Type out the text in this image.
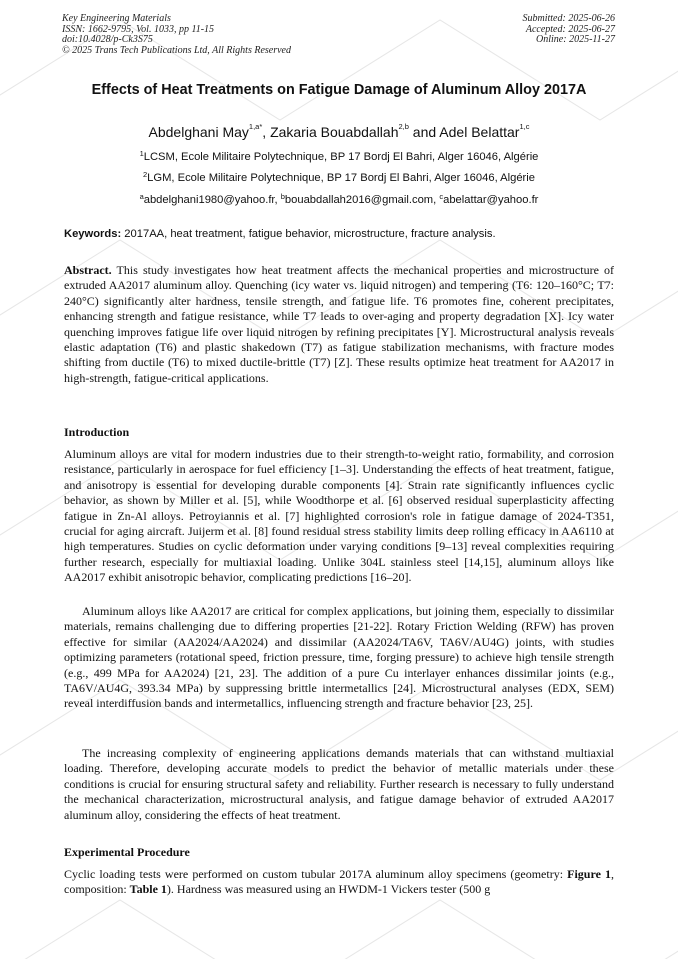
Key Engineering Materials
ISSN: 1662-9795, Vol. 1033, pp 11-15
doi:10.4028/p-Ck3S75
© 2025 Trans Tech Publications Ltd, All Rights Reserved
Submitted: 2025-06-26
Accepted: 2025-06-27
Online: 2025-11-27
Effects of Heat Treatments on Fatigue Damage of Aluminum Alloy 2017A
Abdelghani May$^{1,a*}$, Zakaria Bouabdallah$^{2,b}$ and Adel Belattar$^{1,c}$
$^1$LCSM, Ecole Militaire Polytechnique, BP 17 Bordj El Bahri, Alger 16046, Algérie
$^2$LGM, Ecole Militaire Polytechnique, BP 17 Bordj El Bahri, Alger 16046, Algérie
$^a$abdelghani1980@yahoo.fr, $^b$bouabdallah2016@gmail.com, $^c$abelattar@yahoo.fr
Keywords: 2017AA, heat treatment, fatigue behavior, microstructure, fracture analysis.

Abstract. This study investigates how heat treatment affects the mechanical properties and microstructure of extruded AA2017 aluminum alloy. Quenching (icy water vs. liquid nitrogen) and tempering (T6: 120–160°C; T7: 240°C) significantly alter hardness, tensile strength, and fatigue life. T6 promotes fine, coherent precipitates, enhancing strength and fatigue resistance, while T7 leads to over-aging and property degradation [X]. Icy water quenching improves fatigue life over liquid nitrogen by refining precipitates [Y]. Microstructural analysis reveals elastic adaptation (T6) and plastic shakedown (T7) as fatigue stabilization mechanisms, with fracture modes shifting from ductile (T6) to mixed ductile-brittle (T7) [Z]. These results optimize heat treatment for AA2017 in high-strength, fatigue-critical applications.

Introduction

Aluminum alloys are vital for modern industries due to their strength-to-weight ratio, formability, and corrosion resistance, particularly in aerospace for fuel efficiency [1–3]. Understanding the effects of heat treatment, fatigue, and anisotropy is essential for developing durable components [4]. Strain rate significantly influences cyclic behavior, as shown by Miller et al. [5], while Woodthorpe et al. [6] observed residual superplasticity affecting fatigue in Zn-Al alloys. Petroyiannis et al. [7] highlighted corrosion's role in fatigue damage of 2024-T351, crucial for aging aircraft. Juijerm et al. [8] found residual stress stability limits deep rolling efficacy in AA6110 at high temperatures. Studies on cyclic deformation under varying conditions [9–13] reveal complexities requiring further research, especially for multiaxial loading. Unlike 304L stainless steel [14,15], aluminum alloys like AA2017 exhibit anisotropic behavior, complicating predictions [16–20].

Aluminum alloys like AA2017 are critical for complex applications, but joining them, especially to dissimilar materials, remains challenging due to differing properties [21-22]. Rotary Friction Welding (RFW) has proven effective for similar (AA2024/AA2024) and dissimilar (AA2024/TA6V, TA6V/AU4G) joints, with studies optimizing parameters (rotational speed, friction pressure, time, forging pressure) to achieve high tensile strength (e.g., 499 MPa for AA2024) [21, 23]. The addition of a pure Cu interlayer enhances dissimilar joints (e.g., TA6V/AU4G, 393.34 MPa) by suppressing brittle intermetallics [24]. Microstructural analyses (EDX, SEM) reveal interdiffusion bands and intermetallics, influencing strength and fracture behavior [23, 25].

The increasing complexity of engineering applications demands materials that can withstand multiaxial loading. Therefore, developing accurate models to predict the behavior of metallic materials under these conditions is crucial for ensuring structural safety and reliability. Further research is necessary to fully understand the mechanical characterization, microstructural analysis, and fatigue damage behavior of extruded AA2017 aluminum alloy, considering the effects of heat treatment.

Experimental Procedure

Cyclic loading tests were performed on custom tubular 2017A aluminum alloy specimens (geometry: Figure 1, composition: Table 1). Hardness was measured using an HWDM-1 Vickers tester (500 g
